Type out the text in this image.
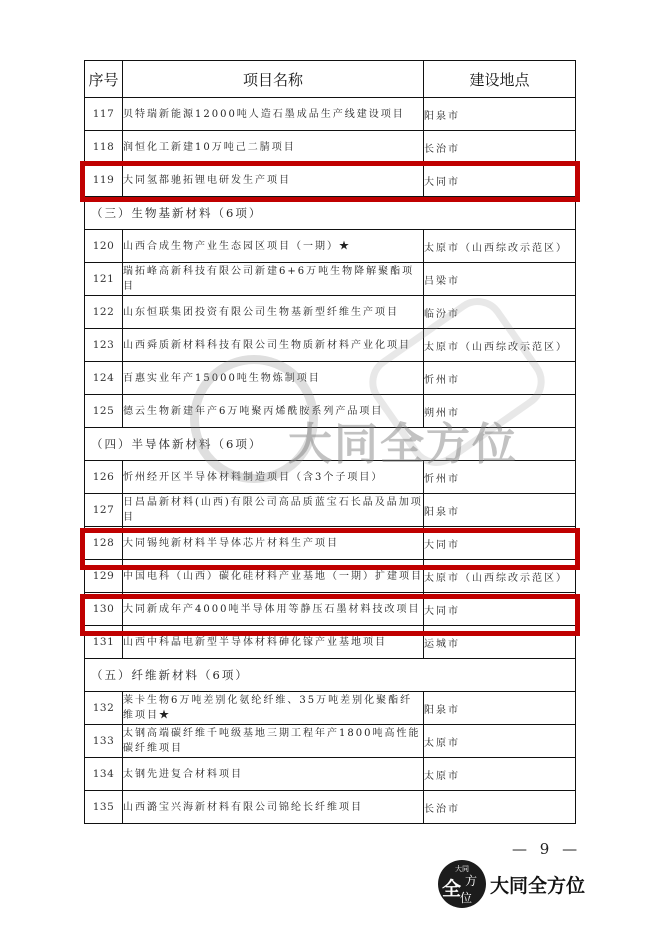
序号	项目名称	建设地点
117	贝特瑞新能源12000吨人造石墨成品生产线建设项目	阳泉市
118	润恒化工新建10万吨己二腈项目	长治市
119	大同氢都驰拓锂电研发生产项目	大同市
（三）生物基新材料（6项）		
120	山西合成生物产业生态园区项目（一期）★	太原市（山西综改示范区）
121	瑞拓峰高新科技有限公司新建6+6万吨生物降解聚酯项目	吕梁市
122	山东恒联集团投资有限公司生物基新型纤维生产项目	临汾市
123	山西舜质新材料科技有限公司生物质新材料产业化项目	太原市（山西综改示范区）
124	百惠实业年产15000吨生物炼制项目	忻州市
125	德云生物新建年产6万吨聚丙烯酰胺系列产品项目	朔州市
（四）半导体新材料（6项）		
126	忻州经开区半导体材料制造项目（含3个子项目）	忻州市
127	日昌晶新材料(山西)有限公司高品质蓝宝石长晶及晶加项目	阳泉市
128	大同锡纯新材料半导体芯片材料生产项目	大同市
129	中国电科（山西）碳化硅材料产业基地（一期）扩建项目	太原市（山西综改示范区）
130	大同新成年产4000吨半导体用等静压石墨材料技改项目	大同市
131	山西中科晶电新型半导体材料砷化镓产业基地项目	运城市
（五）纤维新材料（6项）		
132	莱卡生物6万吨差别化氨纶纤维、35万吨差别化聚酯纤维项目★	阳泉市
133	太钢高端碳纤维千吨级基地三期工程年产1800吨高性能碳纤维项目	太原市
134	太钢先进复合材料项目	太原市
135	山西潞宝兴海新材料有限公司锦纶长纤维项目	长治市
大同全方位
— 9 —
大同
全 方
位
大同全方位
